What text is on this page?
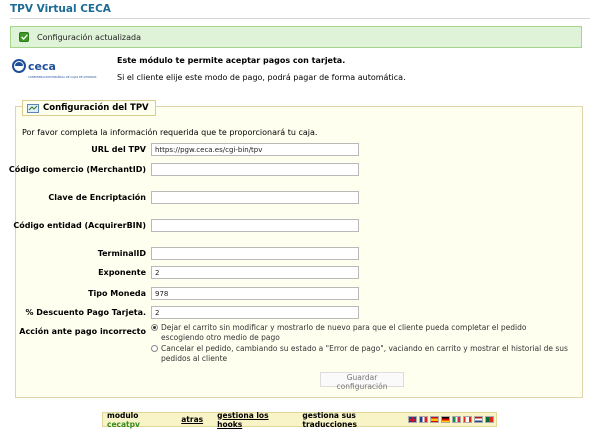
TPV Virtual CECA
Configuración actualizada
ceca
CONFEDERACIÓN ESPAÑOLA DE CAJAS DE AHORROS
Este módulo te permite aceptar pagos con tarjeta.
Si el cliente elije este modo de pago, podrá pagar de forma automática.
Configuración del TPV
Por favor completa la información requerida que te proporcionará tu caja.
URL del TPV
https://pgw.ceca.es/cgi-bin/tpv
Código comercio (MerchantID)
Clave de Encriptación
Código entidad (AcquirerBIN)
TerminalID
Exponente
2
Tipo Moneda
978
% Descuento Pago Tarjeta.
2
Acción ante pago incorrecto Dejar el carrito sin modificar y mostrarlo de nuevo para que el cliente pueda completar el pedido escogiendo otro medio de pago
Cancelar el pedido, cambiando su estado a "Error de pago", vaciando en carrito y mostrar el historial de sus pedidos al cliente
Guardar configuración
modulo cecatpv	atras gestiona los hooks
gestiona sus traducciones
